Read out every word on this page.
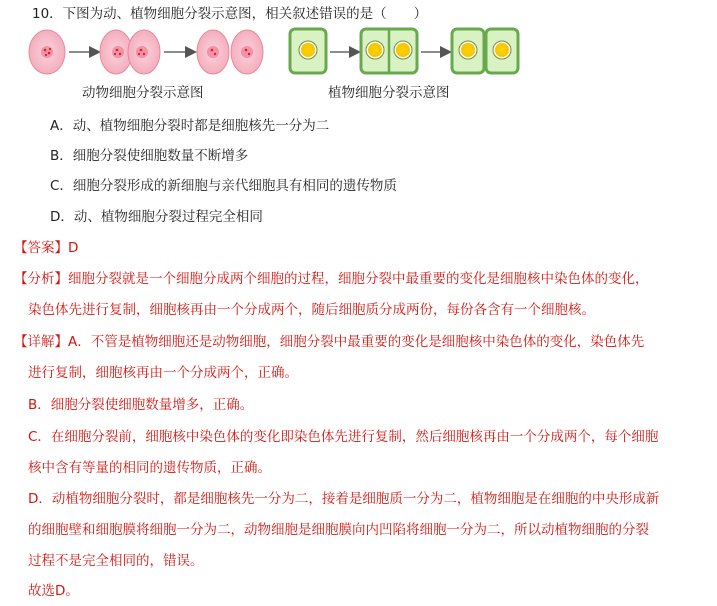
10．下图为动、植物细胞分裂示意图，相关叙述错误的是（　　）
动物细胞分裂示意图	植物细胞分裂示意图
A．动、植物细胞分裂时都是细胞核先一分为二
B．细胞分裂使细胞数量不断增多
C．细胞分裂形成的新细胞与亲代细胞具有相同的遗传物质
D．动、植物细胞分裂过程完全相同
【答案】D
【分析】细胞分裂就是一个细胞分成两个细胞的过程，细胞分裂中最重要的变化是细胞核中染色体的变化，
染色体先进行复制，细胞核再由一个分成两个，随后细胞质分成两份，每份各含有一个细胞核。
【详解】A．不管是植物细胞还是动物细胞，细胞分裂中最重要的变化是细胞核中染色体的变化，染色体先
进行复制，细胞核再由一个分成两个，正确。
B．细胞分裂使细胞数量增多，正确。
C．在细胞分裂前，细胞核中染色体的变化即染色体先进行复制，然后细胞核再由一个分成两个，每个细胞
核中含有等量的相同的遗传物质，正确。
D．动植物细胞分裂时，都是细胞核先一分为二，接着是细胞质一分为二，植物细胞是在细胞的中央形成新
的细胞壁和细胞膜将细胞一分为二，动物细胞是细胞膜向内凹陷将细胞一分为二，所以动植物细胞的分裂
过程不是完全相同的，错误。
故选D。
